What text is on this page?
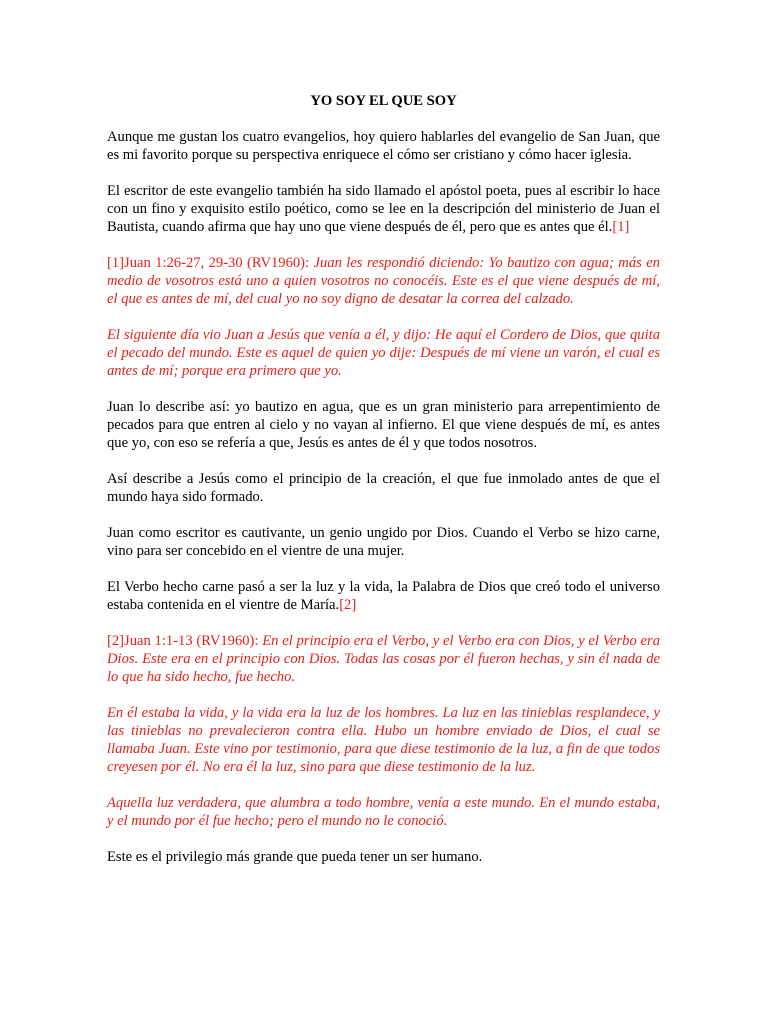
YO SOY EL QUE SOY

Aunque me gustan los cuatro evangelios, hoy quiero hablarles del evangelio de San Juan, que es mi favorito porque su perspectiva enriquece el cómo ser cristiano y cómo hacer iglesia.

El escritor de este evangelio también ha sido llamado el apóstol poeta, pues al escribir lo hace con un fino y exquisito estilo poético, como se lee en la descripción del ministerio de Juan el Bautista, cuando afirma que hay uno que viene después de él, pero que es antes que él.[1]

[1]Juan 1:26-27, 29-30 (RV1960): Juan les respondió diciendo: Yo bautizo con agua; más en medio de vosotros está uno a quien vosotros no conocéis. Este es el que viene después de mí, el que es antes de mí, del cual yo no soy digno de desatar la correa del calzado.

El siguiente día vio Juan a Jesús que venía a él, y dijo: He aquí el Cordero de Dios, que quita el pecado del mundo. Este es aquel de quien yo dije: Después de mí viene un varón, el cual es antes de mí; porque era primero que yo.

Juan lo describe así: yo bautizo en agua, que es un gran ministerio para arrepentimiento de pecados para que entren al cielo y no vayan al infierno. El que viene después de mí, es antes que yo, con eso se refería a que, Jesús es antes de él y que todos nosotros.

Así describe a Jesús como el principio de la creación, el que fue inmolado antes de que el mundo haya sido formado.

Juan como escritor es cautivante, un genio ungido por Dios. Cuando el Verbo se hizo carne, vino para ser concebido en el vientre de una mujer.

El Verbo hecho carne pasó a ser la luz y la vida, la Palabra de Dios que creó todo el universo estaba contenida en el vientre de María.[2]

[2]Juan 1:1-13 (RV1960): En el principio era el Verbo, y el Verbo era con Dios, y el Verbo era Dios. Este era en el principio con Dios. Todas las cosas por él fueron hechas, y sin él nada de lo que ha sido hecho, fue hecho.

En él estaba la vida, y la vida era la luz de los hombres. La luz en las tinieblas resplandece, y las tinieblas no prevalecieron contra ella. Hubo un hombre enviado de Dios, el cual se llamaba Juan. Este vino por testimonio, para que diese testimonio de la luz, a fin de que todos creyesen por él. No era él la luz, sino para que diese testimonio de la luz.

Aquella luz verdadera, que alumbra a todo hombre, venía a este mundo. En el mundo estaba, y el mundo por él fue hecho; pero el mundo no le conoció.

Este es el privilegio más grande que pueda tener un ser humano.
